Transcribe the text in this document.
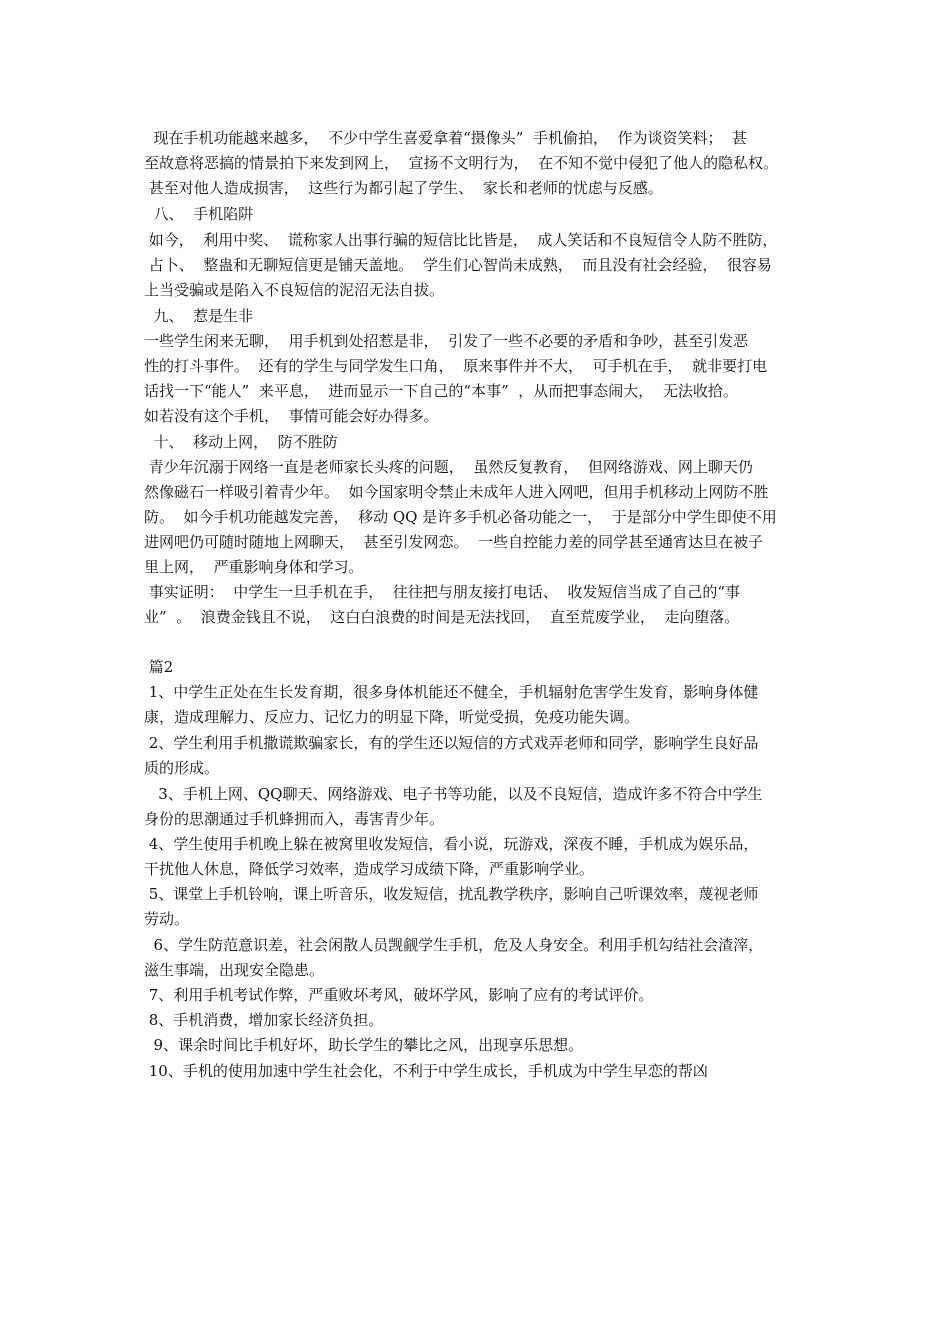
现在手机功能越来越多，  不少中学生喜爱拿着“摄像头”  手机偷拍，  作为谈资笑料；  甚

至故意将恶搞的情景拍下来发到网上，  宣扬不文明行为，  在不知不觉中侵犯了他人的隐私权。

甚至对他人造成损害，  这些行为都引起了学生、  家长和老师的忧虑与反感。

八、  手机陷阱

如今，  利用中奖、  谎称家人出事行骗的短信比比皆是，  成人笑话和不良短信令人防不胜防，

占卜、  整蛊和无聊短信更是铺天盖地。  学生们心智尚未成熟，  而且没有社会经验，  很容易

上当受骗或是陷入不良短信的泥沼无法自拔。

九、  惹是生非

一些学生闲来无聊，  用手机到处招惹是非，  引发了一些不必要的矛盾和争吵，甚至引发恶

性的打斗事件。  还有的学生与同学发生口角，  原来事件并不大，  可手机在手，  就非要打电

话找一下“能人”  来平息，  进而显示一下自己的“本事”  ，从而把事态闹大，  无法收拾。

如若没有这个手机，  事情可能会好办得多。

十、  移动上网，  防不胜防

青少年沉溺于网络一直是老师家长头疼的问题，  虽然反复教育，  但网络游戏、网上聊天仍

然像磁石一样吸引着青少年。  如今国家明令禁止未成年人进入网吧，但用手机移动上网防不胜

防。  如今手机功能越发完善，  移动 QQ 是许多手机必备功能之一，  于是部分中学生即使不用

进网吧仍可随时随地上网聊天，  甚至引发网恋。  一些自控能力差的同学甚至通宵达旦在被子

里上网，  严重影响身体和学习。

事实证明：  中学生一旦手机在手，  往往把与朋友接打电话、  收发短信当成了自己的“事

业”  。  浪费金钱且不说，  这白白浪费的时间是无法找回，  直至荒废学业，  走向堕落。

篇2

1、中学生正处在生长发育期，很多身体机能还不健全，手机辐射危害学生发育，影响身体健

康，造成理解力、反应力、记忆力的明显下降，听觉受损，免疫功能失调。

2、学生利用手机撒谎欺骗家长，有的学生还以短信的方式戏弄老师和同学，影响学生良好品

质的形成。

3、手机上网、QQ聊天、网络游戏、电子书等功能，以及不良短信，造成许多不符合中学生

身份的思潮通过手机蜂拥而入，毒害青少年。

4、学生使用手机晚上躲在被窝里收发短信，看小说，玩游戏，深夜不睡，手机成为娱乐品，

干扰他人休息，降低学习效率，造成学习成绩下降，严重影响学业。

5、课堂上手机铃响，课上听音乐，收发短信，扰乱教学秩序，影响自己听课效率，蔑视老师

劳动。

6、学生防范意识差，社会闲散人员觊觎学生手机，危及人身安全。利用手机勾结社会渣滓，

滋生事端，出现安全隐患。

7、利用手机考试作弊，严重败坏考风，破坏学风，影响了应有的考试评价。

8、手机消费，增加家长经济负担。

9、课余时间比手机好坏，助长学生的攀比之风，出现享乐思想。

10、手机的使用加速中学生社会化，不利于中学生成长，手机成为中学生早恋的帮凶
